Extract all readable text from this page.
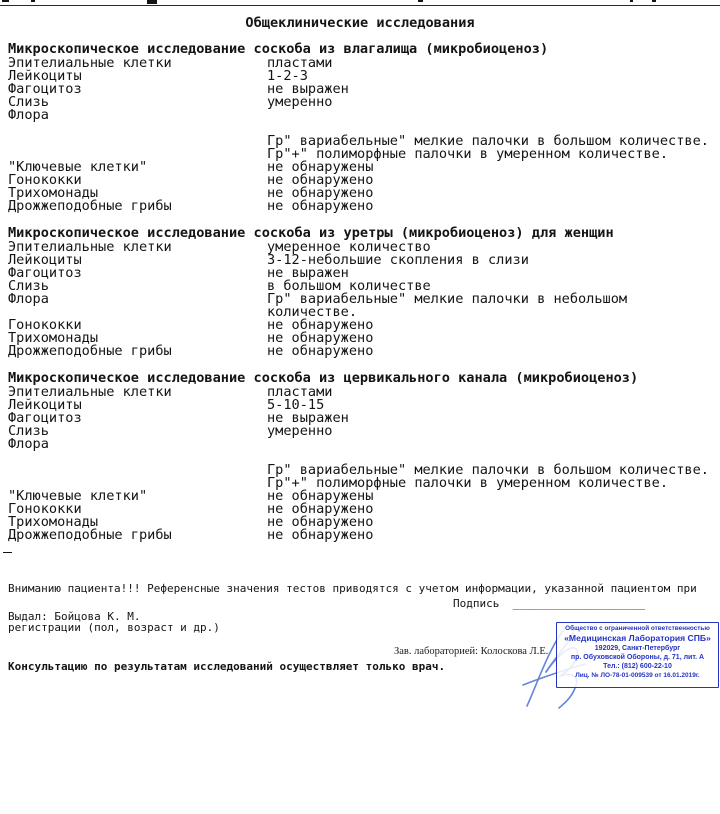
Общеклинические исследования
Микроскопическое исследование соскоба из влагалища (микробиоценоз)
Эпителиальные клетки	пластами
Лейкоциты	1-2-3
Фагоцитоз	не выражен
Слизь	умеренно
Флора
Гр" вариабельные" мелкие палочки в большом количестве.
Гр"+" полиморфные палочки в умеренном количестве.
"Ключевые клетки"	не обнаружены
Гонококки	не обнаружено
Трихомонады	не обнаружено
Дрожжеподобные грибы	не обнаружено
Микроскопическое исследование соскоба из уретры (микробиоценоз) для женщин
Эпителиальные клетки	умеренное количество
Лейкоциты	3-12-небольшие скопления в слизи
Фагоцитоз	не выражен
Слизь	в большом количестве
Флора	Гр" вариабельные" мелкие палочки в небольшом
количестве.
Гонококки	не обнаружено
Трихомонады	не обнаружено
Дрожжеподобные грибы	не обнаружено
Микроскопическое исследование соскоба из цервикального канала (микробиоценоз)
Эпителиальные клетки	пластами
Лейкоциты	5-10-15
Фагоцитоз	не выражен
Слизь	умеренно
Флора
Гр" вариабельные" мелкие палочки в большом количестве.
Гр"+" полиморфные палочки в умеренном количестве.
"Ключевые клетки"	не обнаружены
Гонококки	не обнаружено
Трихомонады	не обнаружено
Дрожжеподобные грибы	не обнаружено

Вниманию пациента!!! Референсные значения тестов приводятся с учетом информации, указанной пациентом при

регистрации (пол, возраст и др.)

Консультацию по результатам исследований осуществляет только врач.

Подпись ____________________
Выдал: Бойцова К. М.
Зав. лабораторией: Колоскова Л.Е.
Общество с ограниченной ответственностью
«Медицинская Лаборатория СПБ»
192029, Санкт-Петербург
пр. Обуховской Обороны, д. 71, лит. А
Тел.: (812) 600-22-10
Лиц. № ЛО-78-01-009539 от 16.01.2019г.
